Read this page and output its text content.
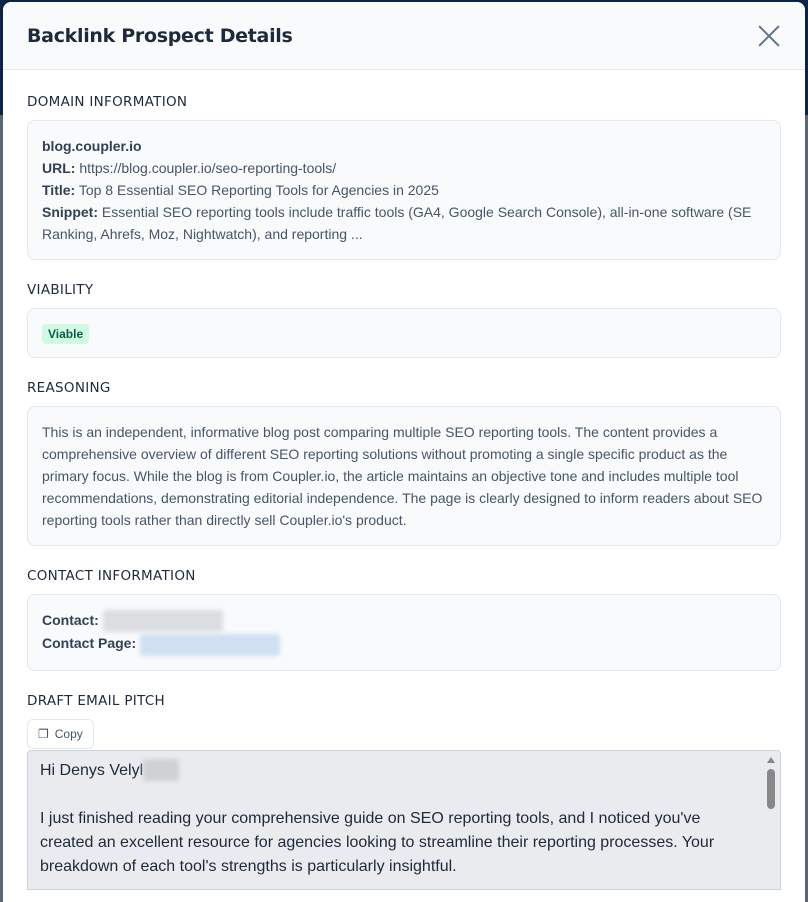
Backlink Prospect Details
DOMAIN INFORMATION
blog.coupler.io
URL: https://blog.coupler.io/seo-reporting-tools/
Title: Top 8 Essential SEO Reporting Tools for Agencies in 2025
Snippet: Essential SEO reporting tools include traffic tools (GA4, Google Search Console), all-in-one software (SE Ranking, Ahrefs, Moz, Nightwatch), and reporting ...
VIABILITY
Viable
REASONING
This is an independent, informative blog post comparing multiple SEO reporting tools. The content provides a comprehensive overview of different SEO reporting solutions without promoting a single specific product as the primary focus. While the blog is from Coupler.io, the article maintains an objective tone and includes multiple tool recommendations, demonstrating editorial independence. The page is clearly designed to inform readers about SEO reporting tools rather than directly sell Coupler.io's product.
CONTACT INFORMATION
Contact:
Contact Page:
DRAFT EMAIL PITCH
❐ Copy

Hi Denys Velyl

I just finished reading your comprehensive guide on SEO reporting tools, and I noticed you've created an excellent resource for agencies looking to streamline their reporting processes. Your breakdown of each tool's strengths is particularly insightful.
